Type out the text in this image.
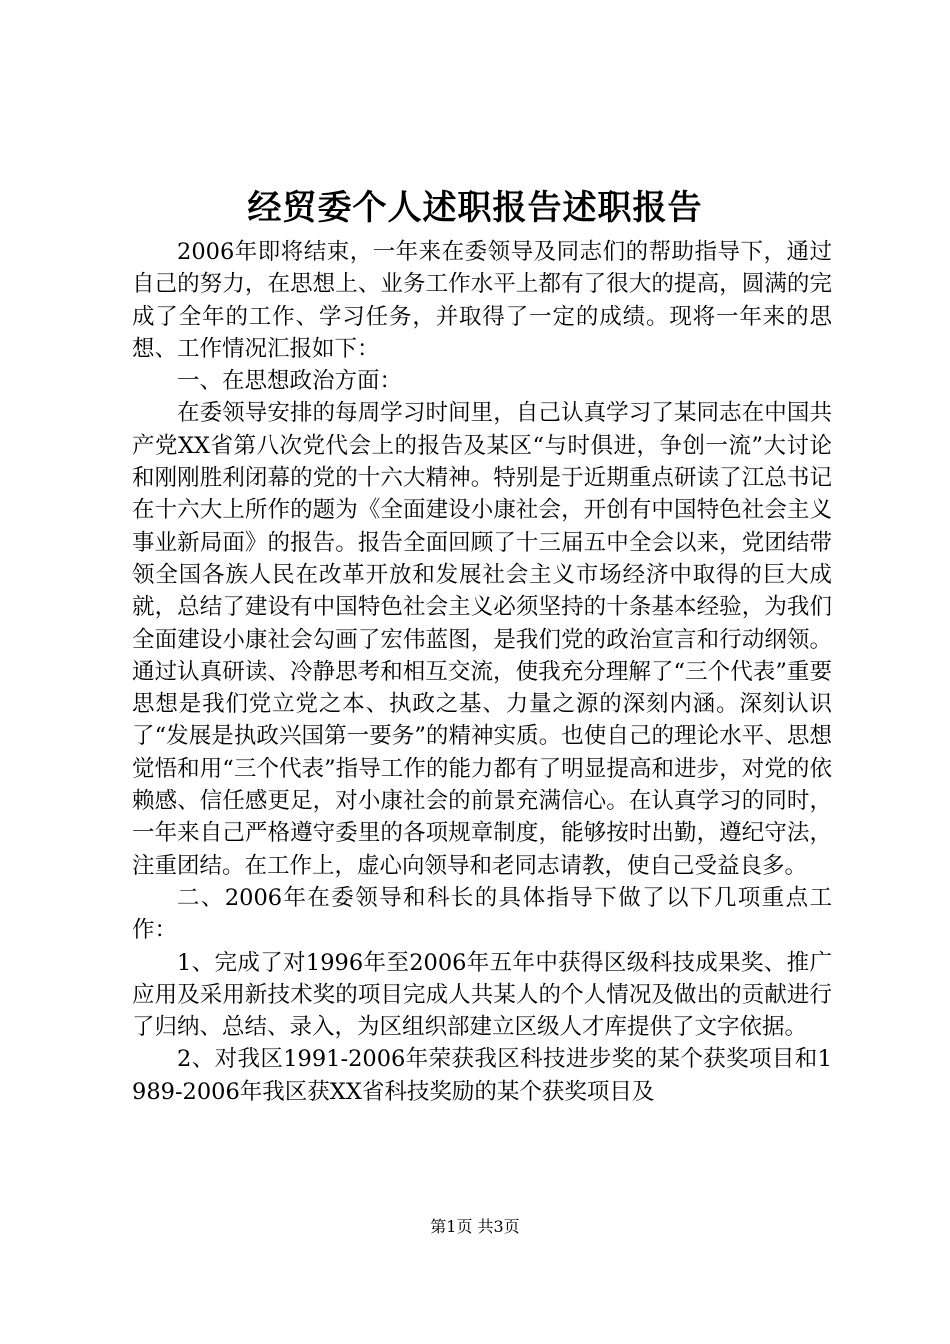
经贸委个人述职报告述职报告

2006年即将结束，一年来在委领导及同志们的帮助指导下，通过自己的努力，在思想上、业务工作水平上都有了很大的提高，圆满的完成了全年的工作、学习任务，并取得了一定的成绩。现将一年来的思想、工作情况汇报如下：

一、在思想政治方面：

在委领导安排的每周学习时间里，自己认真学习了某同志在中国共产党XX省第八次党代会上的报告及某区“与时俱进，争创一流”大讨论和刚刚胜利闭幕的党的十六大精神。特别是于近期重点研读了江总书记在十六大上所作的题为《全面建设小康社会，开创有中国特色社会主义事业新局面》的报告。报告全面回顾了十三届五中全会以来，党团结带领全国各族人民在改革开放和发展社会主义市场经济中取得的巨大成就，总结了建设有中国特色社会主义必须坚持的十条基本经验，为我们全面建设小康社会勾画了宏伟蓝图，是我们党的政治宣言和行动纲领。通过认真研读、冷静思考和相互交流，使我充分理解了“三个代表”重要思想是我们党立党之本、执政之基、力量之源的深刻内涵。深刻认识了“发展是执政兴国第一要务”的精神实质。也使自己的理论水平、思想觉悟和用“三个代表”指导工作的能力都有了明显提高和进步，对党的依赖感、信任感更足，对小康社会的前景充满信心。在认真学习的同时，一年来自己严格遵守委里的各项规章制度，能够按时出勤，遵纪守法，注重团结。在工作上，虚心向领导和老同志请教，使自己受益良多。

二、2006年在委领导和科长的具体指导下做了以下几项重点工作：

1、完成了对1996年至2006年五年中获得区级科技成果奖、推广应用及采用新技术奖的项目完成人共某人的个人情况及做出的贡献进行了归纳、总结、录入，为区组织部建立区级人才库提供了文字依据。

2、对我区1991-2006年荣获我区科技进步奖的某个获奖项目和1989-2006年我区获XX省科技奖励的某个获奖项目及

第1页 共3页
